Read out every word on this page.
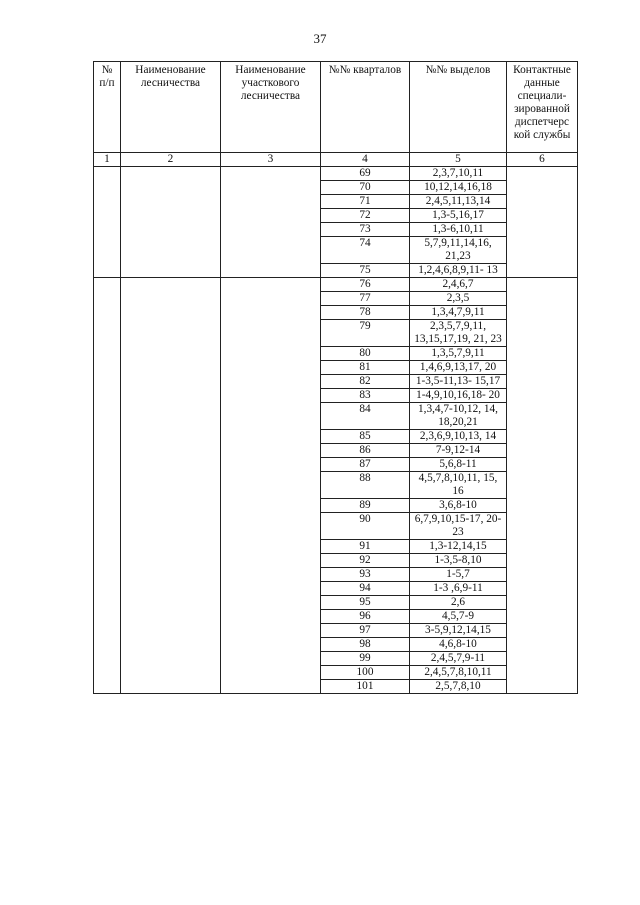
37
№ п/п	Наименование лесничества	Наименование участкового лесничества	№№ кварталов	№№ выделов	Контактные данные специали-зированной диспетчерс кой службы
1	2	3	4	5	6
			69	2,3,7,10,11	
			70	10,12,14,16,18	
			71	2,4,5,11,13,14	
			72	1,3-5,16,17	
			73	1,3-6,10,11	
			74	5,7,9,11,14,16, 21,23	
			75	1,2,4,6,8,9,11- 13	
			76	2,4,6,7	
			77	2,3,5	
			78	1,3,4,7,9,11	
			79	2,3,5,7,9,11, 13,15,17,19, 21, 23	
			80	1,3,5,7,9,11	
			81	1,4,6,9,13,17, 20	
			82	1-3,5-11,13- 15,17	
			83	1-4,9,10,16,18- 20	
			84	1,3,4,7-10,12, 14, 18,20,21	
			85	2,3,6,9,10,13, 14	
			86	7-9,12-14	
			87	5,6,8-11	
			88	4,5,7,8,10,11, 15, 16	
			89	3,6,8-10	
			90	6,7,9,10,15-17, 20-23	
			91	1,3-12,14,15	
			92	1-3,5-8,10	
			93	1-5,7	
			94	1-3 ,6,9-11	
			95	2,6	
			96	4,5,7-9	
			97	3-5,9,12,14,15	
			98	4,6,8-10	
			99	2,4,5,7,9-11	
			100	2,4,5,7,8,10,11	
			101	2,5,7,8,10	
